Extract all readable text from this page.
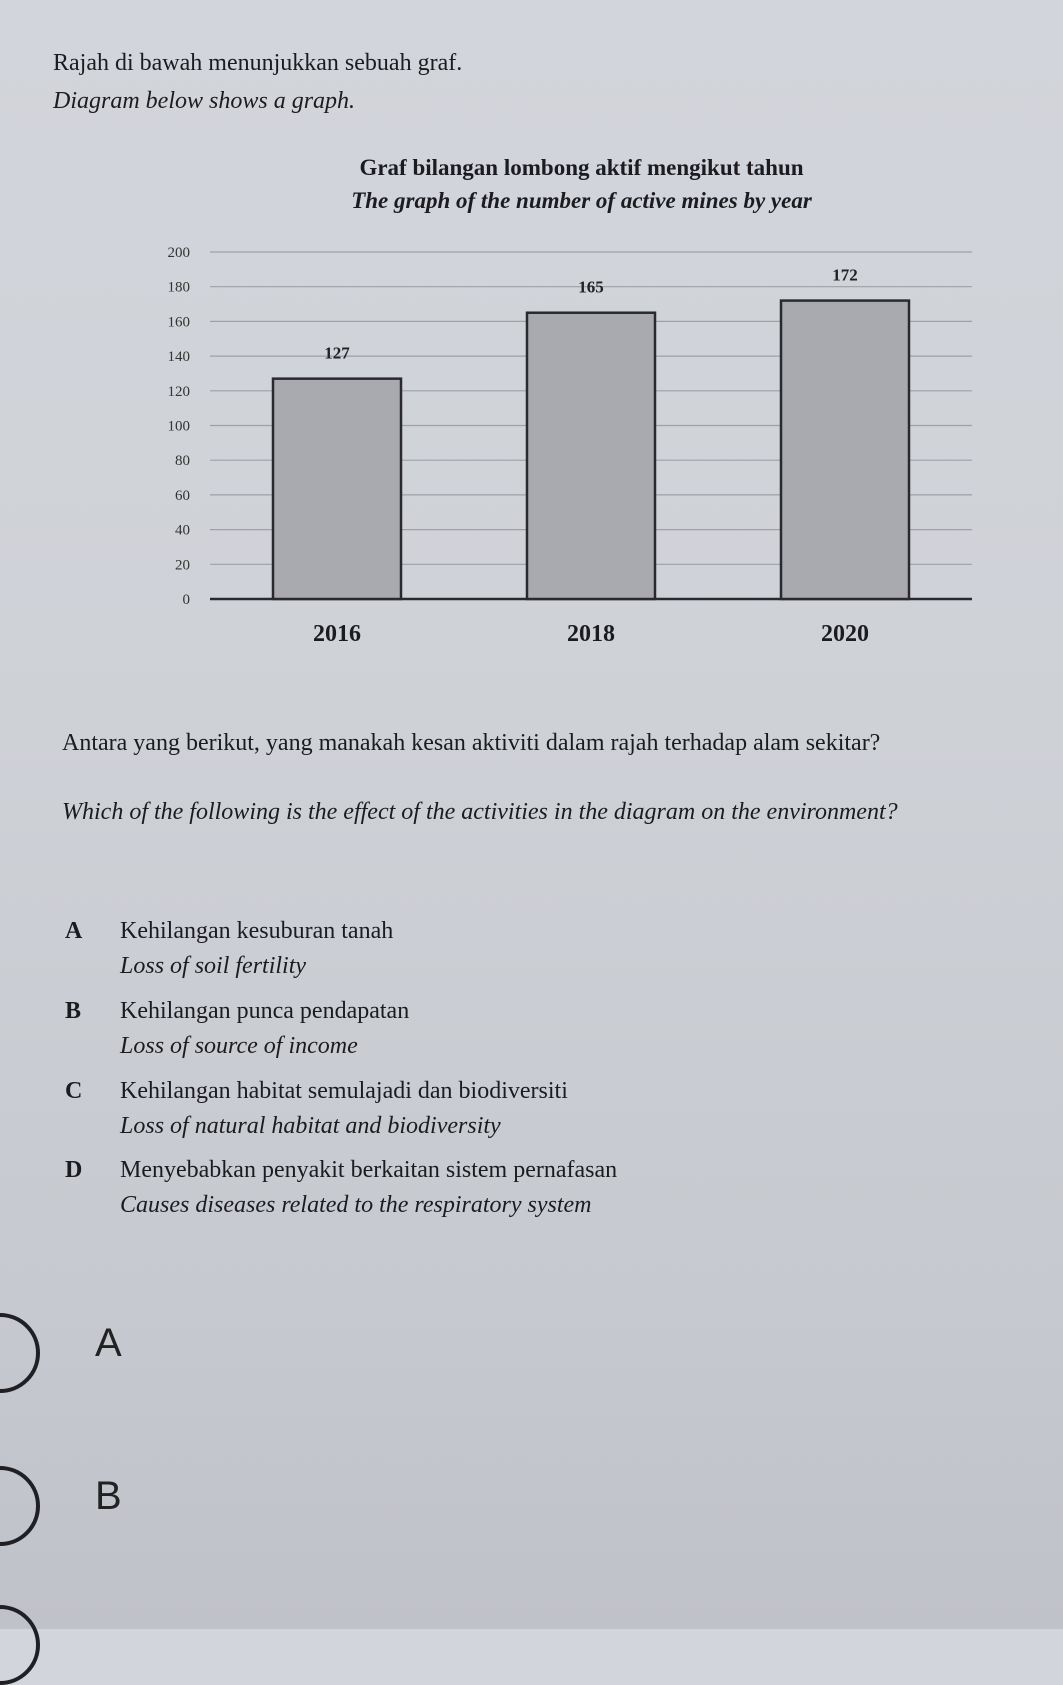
Rajah di bawah menunjukkan sebuah graf.
Diagram below shows a graph.
Graf bilangan lombong aktif mengikut tahun
The graph of the number of active mines by year
0
20
40
60
80
100
120
140
160
180
200
127
2016
165
2018
172
2020
Antara yang berikut, yang manakah kesan aktiviti dalam rajah terhadap alam sekitar?
Which of the following is the effect of the activities in the diagram on the environment?
A	Kehilangan kesuburan tanah
Loss of soil fertility
B	Kehilangan punca pendapatan
Loss of source of income
C	Kehilangan habitat semulajadi dan biodiversiti
Loss of natural habitat and biodiversity
D	Menyebabkan penyakit berkaitan sistem pernafasan
Causes diseases related to the respiratory system
A
B
